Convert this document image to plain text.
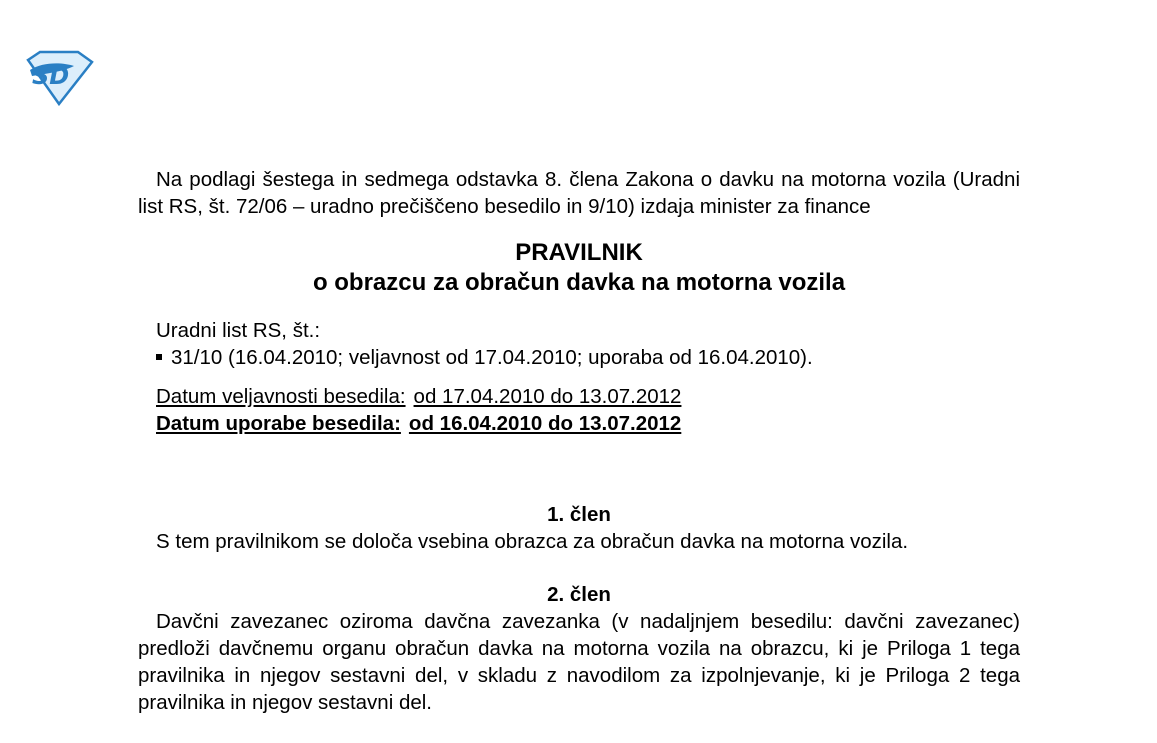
SD

Na podlagi šestega in sedmega odstavka 8. člena Zakona o davku na motorna vozila (Uradni list RS, št. 72/06 – uradno prečiščeno besedilo in 9/10) izdaja minister za finance

PRAVILNIK

o obrazcu za obračun davka na motorna vozila

Uradni list RS, št.:

31/10 (16.04.2010; veljavnost od 17.04.2010; uporaba od 16.04.2010).

Datum veljavnosti besedila: od 17.04.2010 do 13.07.2012

Datum uporabe besedila: od 16.04.2010 do 13.07.2012

1. člen

S tem pravilnikom se določa vsebina obrazca za obračun davka na motorna vozila.

2. člen

Davčni zavezanec oziroma davčna zavezanka (v nadaljnjem besedilu: davčni zavezanec) predloži davčnemu organu obračun davka na motorna vozila na obrazcu, ki je Priloga 1 tega pravilnika in njegov sestavni del, v skladu z navodilom za izpolnjevanje, ki je Priloga 2 tega pravilnika in njegov sestavni del.
